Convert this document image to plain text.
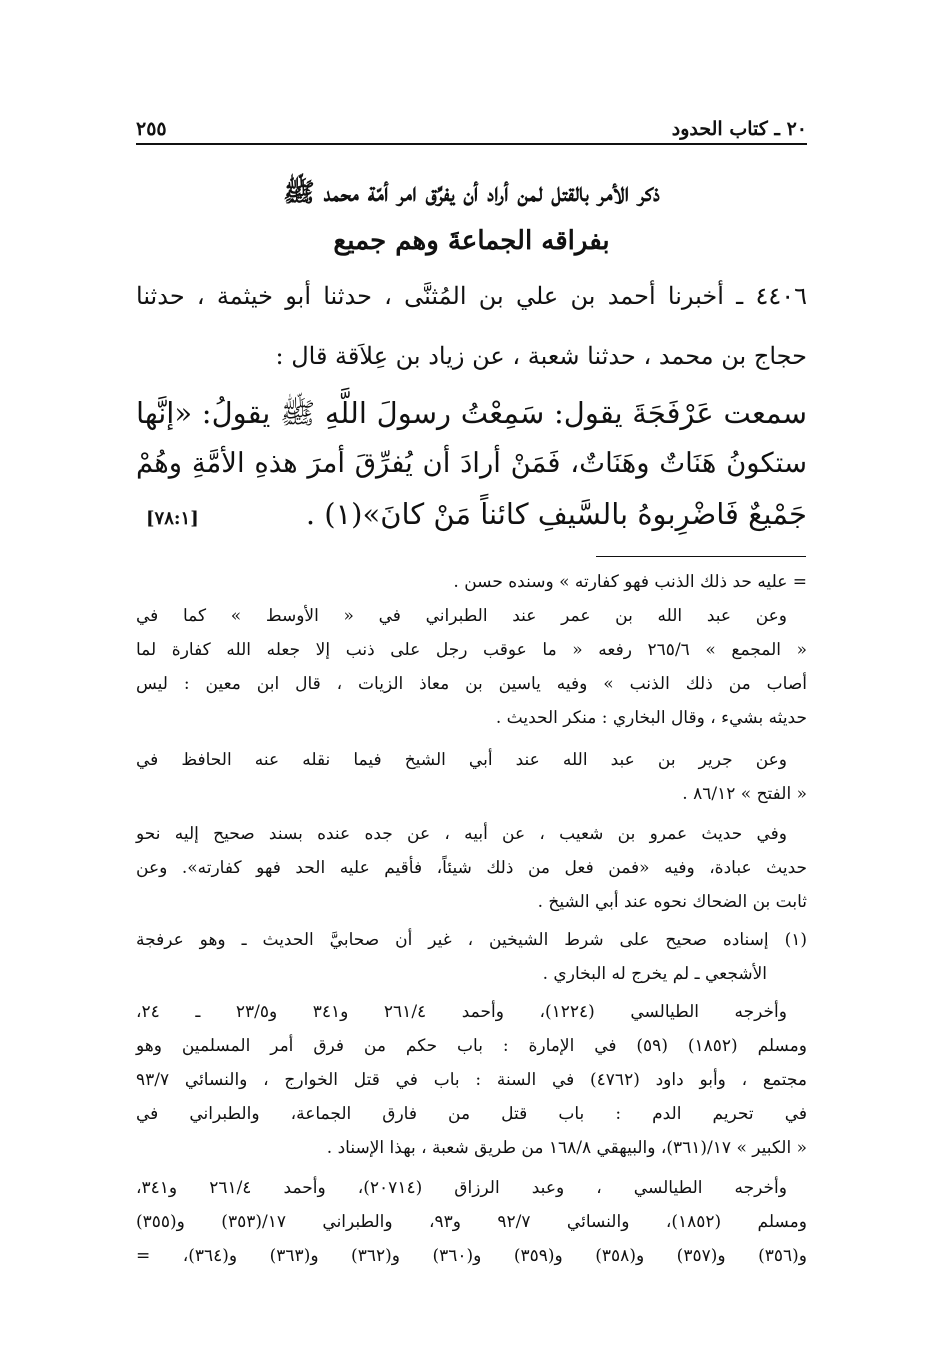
٢٥٥	٢٠ ـ كتاب الحدود
ذكر الأمر بالقتل لمن أراد أن يفرِّق امر أمّة محمد ﷺ
بفراقه الجماعةَ وهم جميع
٤٤٠٦ ـ أخبرنا أحمد بن علي بن المُثنَّى ، حدثنا أبو خيثمة ، حدثنا
حجاج بن محمد ، حدثنا شعبة ، عن زياد بن عِلاَقة قال :
سمعت عَرْفَجَةَ يقول: سَمِعْتُ رسولَ اللَّهِ ﷺ يقولُ: «إنَّها
ستكونُ هَنَاتٌ وهَنَاتٌ، فَمَنْ أرادَ أن يُفرِّقَ أمرَ هذهِ الأمَّةِ وهُمْ
جَمْيعٌ فَاضْرِبوهُ بالسَّيفِ كائناً مَنْ كانَ»(١) .
[٧٨:١]
= عليه حد ذلك الذنب فهو كفارته » وسنده حسن .
وعن عبد الله بن عمر عند الطبراني في « الأوسط » كما في
« المجمع » ٢٦٥/٦ رفعه « ما عوقب رجل على ذنب إلا جعله الله كفارة لما
أصاب من ذلك الذنب » وفيه ياسين بن معاذ الزيات ، قال ابن معين : ليس
حديثه بشيء ، وقال البخاري : منكر الحديث .
وعن جرير بن عبد الله عند أبي الشيخ فيما نقله عنه الحافظ في
« الفتح » ٨٦/١٢ .
وفي حديث عمرو بن شعيب ، عن أبيه ، عن جده عنده بسند صحيح إليه نحو
حديث عبادة، وفيه «فمن فعل من ذلك شيئاً، فأقيم عليه الحد فهو كفارته». وعن
ثابت بن الضحاك نحوه عند أبي الشيخ .
(١) إسناده صحيح على شرط الشيخين ، غير أن صحابيَّ الحديث ـ وهو عرفجة
الأشجعي ـ لم يخرج له البخاري .
وأخرجه الطيالسي (١٢٢٤)، وأحمد ٢٦١/٤ و٣٤١ و٢٣/٥ ـ ٢٤،
ومسلم (١٨٥٢) (٥٩) في الإمارة : باب حكم من فرق أمر المسلمين وهو
مجتمع ، وأبو داود (٤٧٦٢) في السنة : باب في قتل الخوارج ، والنسائي ٩٣/٧
في تحريم الدم : باب قتل من فارق الجماعة، والطبراني في
« الكبير » ١٧/(٣٦١)، والبيهقي ١٦٨/٨ من طريق شعبة ، بهذا الإسناد .
وأخرجه الطيالسي ، وعبد الرزاق (٢٠٧١٤)، وأحمد ٢٦١/٤ و٣٤١،
ومسلم (١٨٥٢)، والنسائي ٩٢/٧ و٩٣، والطبراني ١٧/(٣٥٣) و(٣٥٥)
و(٣٥٦) و(٣٥٧) و(٣٥٨) و(٣٥٩) و(٣٦٠) و(٣٦٢) و(٣٦٣) و(٣٦٤)، =
